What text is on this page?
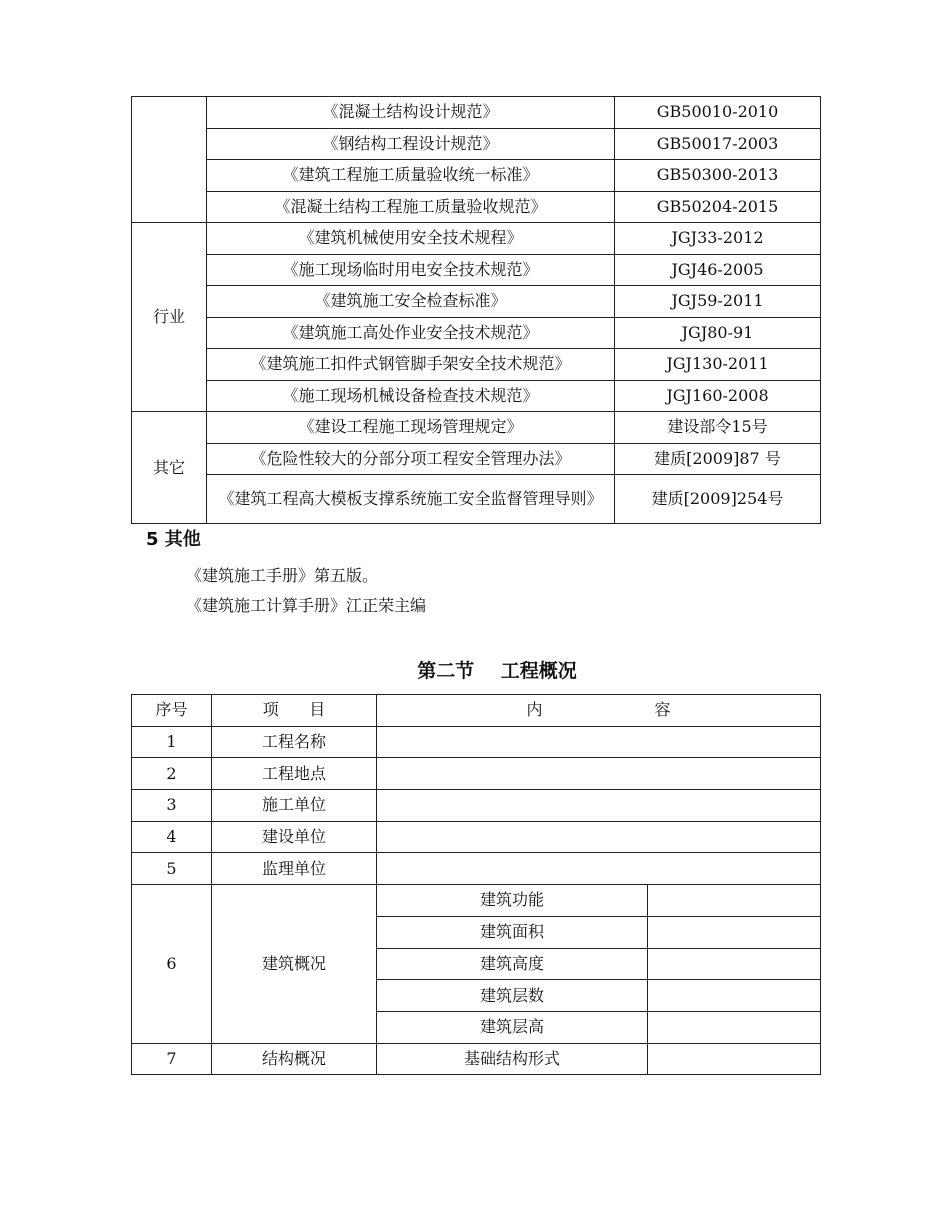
	《混凝土结构设计规范》	GB50010-2010
	《钢结构工程设计规范》	GB50017-2003
	《建筑工程施工质量验收统一标准》	GB50300-2013
	《混凝土结构工程施工质量验收规范》	GB50204-2015
行业	《建筑机械使用安全技术规程》	JGJ33-2012
	《施工现场临时用电安全技术规范》	JGJ46-2005
	《建筑施工安全检查标准》	JGJ59-2011
	《建筑施工高处作业安全技术规范》	JGJ80-91
	《建筑施工扣件式钢管脚手架安全技术规范》	JGJ130-2011
	《施工现场机械设备检查技术规范》	JGJ160-2008
其它	《建设工程施工现场管理规定》	建设部令15号
	《危险性较大的分部分项工程安全管理办法》	建质[2009]87 号
	《建筑工程高大模板支撑系统施工安全监督管理导则》	建质[2009]254号
5 其他
《建筑施工手册》第五版。
《建筑施工计算手册》江正荣主编
第二节    工程概况
序号	项      目	内                      容	
1	工程名称		
2	工程地点		
3	施工单位		
4	建设单位		
5	监理单位		
6	建筑概况	建筑功能	
		建筑面积	
		建筑高度	
		建筑层数	
		建筑层高	
7	结构概况	基础结构形式	
